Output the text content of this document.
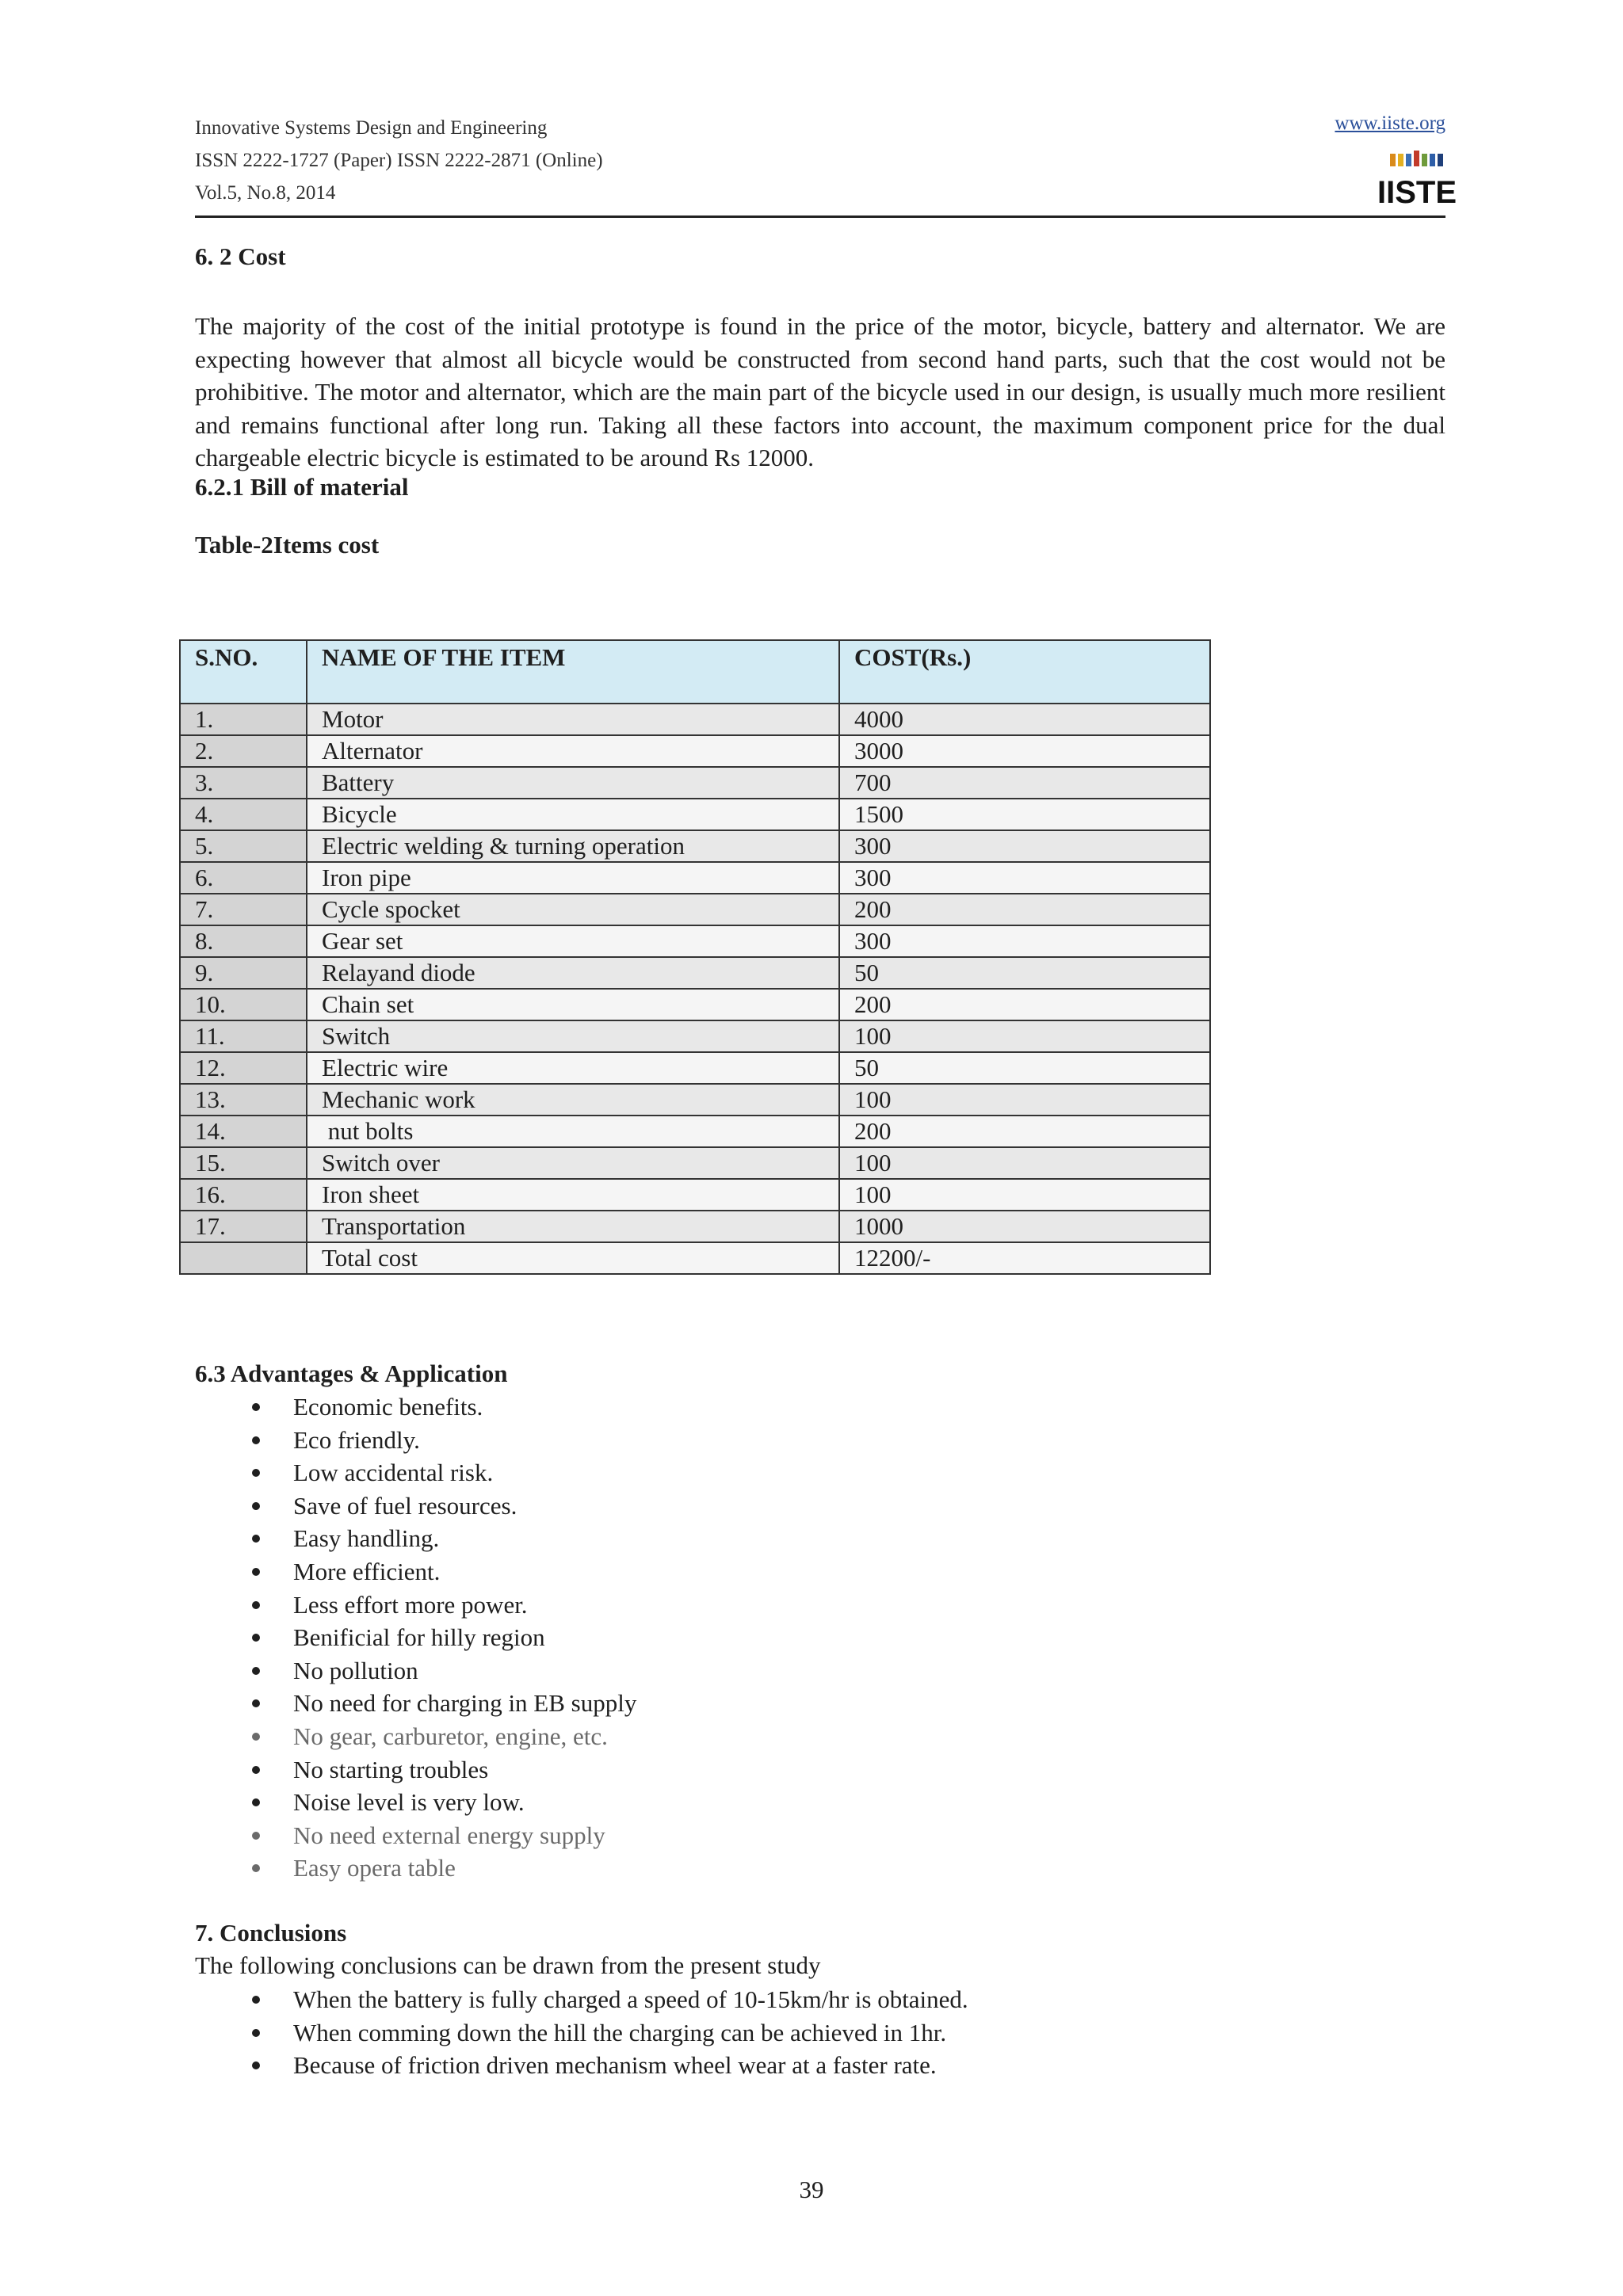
Innovative Systems Design and Engineering
ISSN 2222-1727 (Paper) ISSN 2222-2871 (Online)
Vol.5, No.8, 2014
www.iiste.org
IISTE
6. 2 Cost

The majority of the cost of the initial prototype is found in the price of the motor, bicycle, battery and alternator. We are expecting however that almost all bicycle would be constructed from second hand parts, such that the cost would not be prohibitive. The motor and alternator, which are the main part of the bicycle used in our design, is usually much more resilient and remains functional after long run. Taking all these factors into account, the maximum component price for the dual chargeable electric bicycle is estimated to be around Rs 12000.

6.2.1 Bill of material
Table-2Items cost
S.NO.	NAME OF THE ITEM	COST(Rs.)
1.	Motor	4000
2.	Alternator	3000
3.	Battery	700
4.	Bicycle	1500
5.	Electric welding & turning operation	300
6.	Iron pipe	300
7.	Cycle spocket	200
8.	Gear set	300
9.	Relayand diode	50
10.	Chain set	200
11.	Switch	100
12.	Electric wire	50
13.	Mechanic work	100
14.	nut bolts	200
15.	Switch over	100
16.	Iron sheet	100
17.	Transportation	1000
	Total cost	12200/-
6.3 Advantages & Application
Economic benefits.
Eco friendly.
Low accidental risk.
Save of fuel resources.
Easy handling.
More efficient.
Less effort more power.
Benificial for hilly region
No pollution
No need for charging in EB supply
No gear, carburetor, engine, etc.
No starting troubles
Noise level is very low.
No need external energy supply
Easy opera table
7. Conclusions
The following conclusions can be drawn from the present study
When the battery is fully charged a speed of 10-15km/hr is obtained.
When comming down the hill the charging can be achieved in 1hr.
Because of friction driven mechanism wheel wear at a faster rate.
39
